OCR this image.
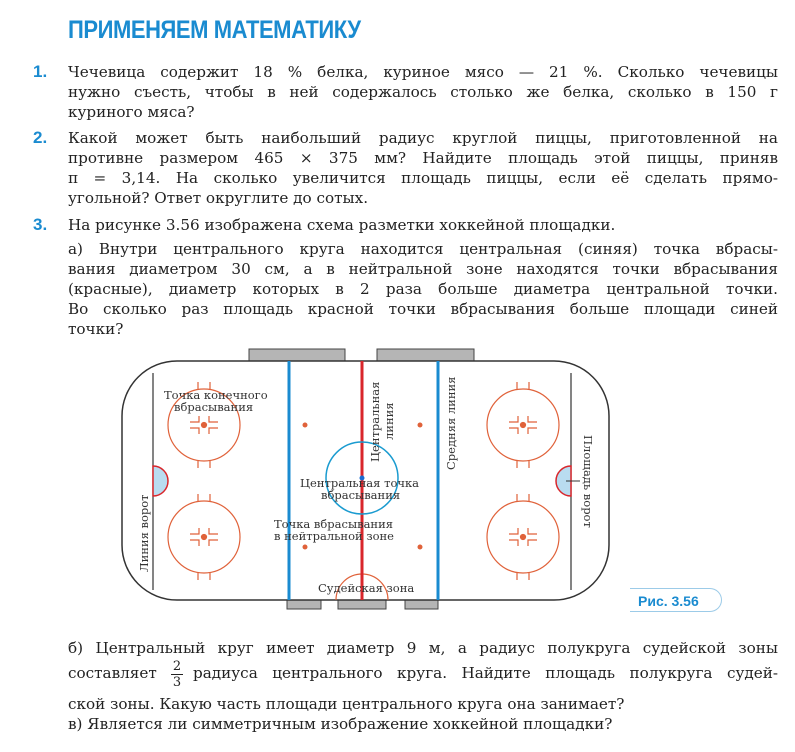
ПРИМЕНЯЕМ МАТЕМАТИКУ
1. Чечевица содержит 18 % белка, куриное мясо — 21 %. Сколько чечевицы
нужно съесть, чтобы в ней содержалось столько же белка, сколько в 150 г
куриного мяса?
2. Какой может быть наибольший радиус круглой пиццы, приготовленной на
противне размером 465 × 375 мм? Найдите площадь этой пиццы, приняв
π = 3,14. На сколько увеличится площадь пиццы, если её сделать прямо-
угольной? Ответ округлите до сотых.
3. На рисунке 3.56 изображена схема разметки хоккейной площадки.
а) Внутри центрального круга находится центральная (синяя) точка вбрасы-
вания диаметром 30 см, а в нейтральной зоне находятся точки вбрасывания
(красные), диаметр которых в 2 раза больше диаметра центральной точки.
Во сколько раз площадь красной точки вбрасывания больше площади синей
точки?
Точка конечного
вбрасывания
Центральная точка
вбрасывания
Точка вбрасывания
в нейтральной зоне
Судейская зона
Центральная линия	Средняя линия
Линия ворот
Площадь ворот
Рис. 3.56
б) Центральный круг имеет диаметр 9 м, а радиус полукруга судейской зоны
составляет	$\frac{2}{3}$ радиуса центрального круга. Найдите площадь полукруга судей-
ской зоны. Какую часть площади центрального круга она занимает?
в) Является ли симметричным изображение хоккейной площадки?
